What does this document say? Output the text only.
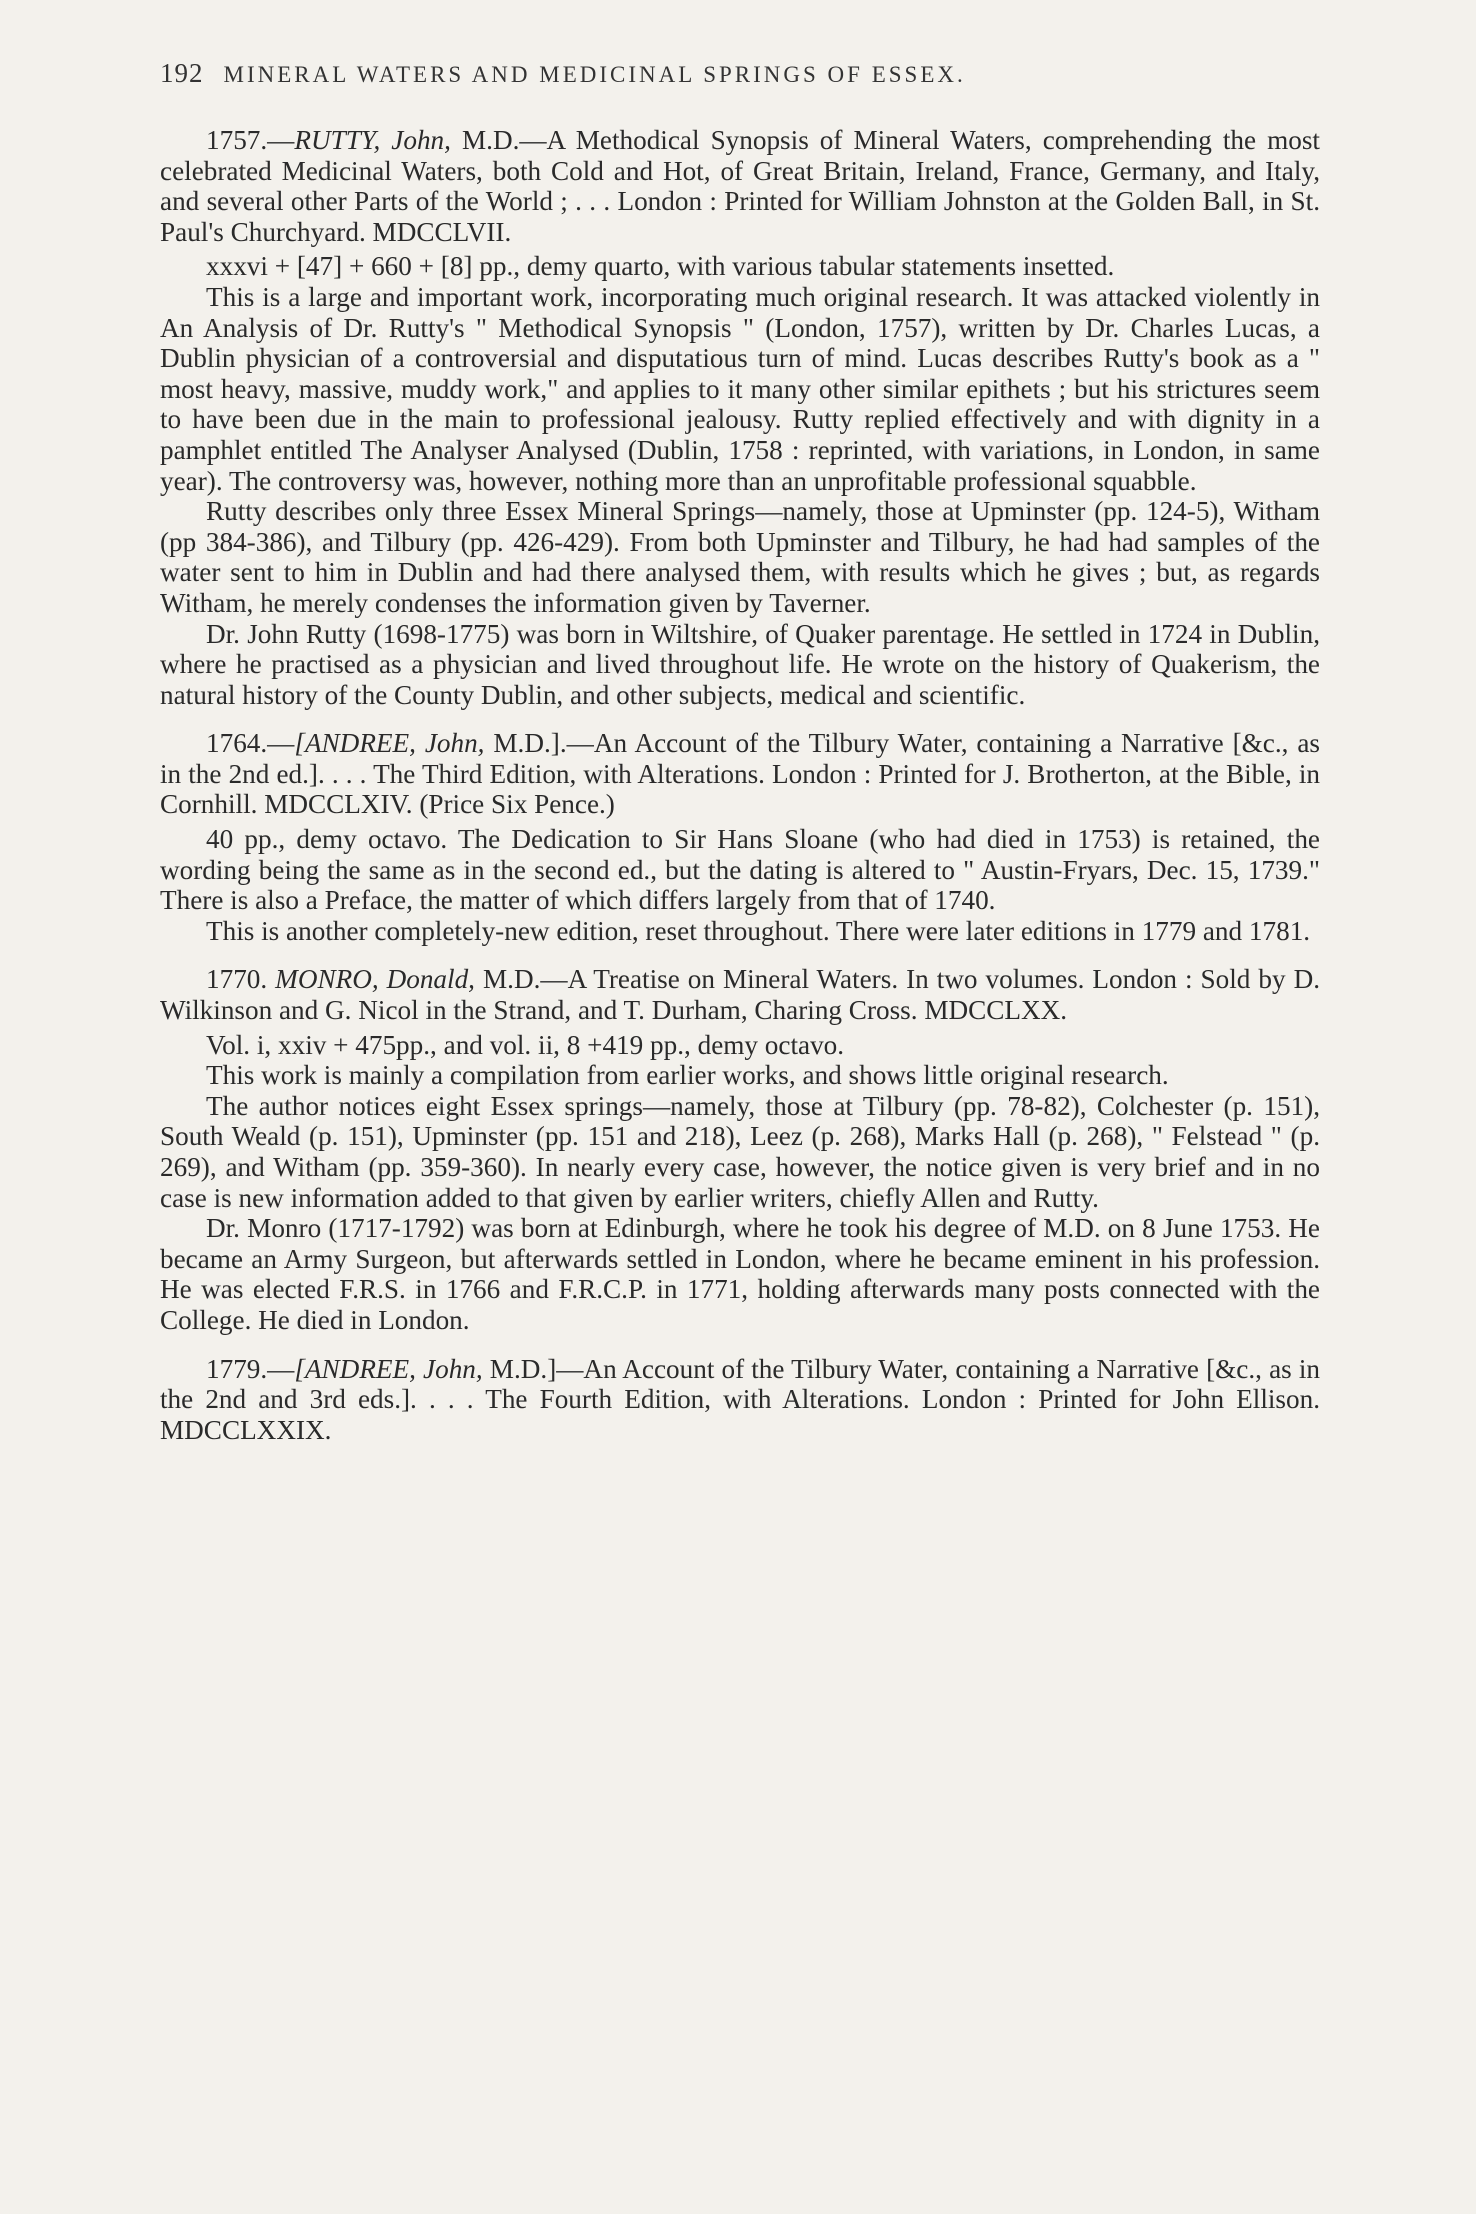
192 MINERAL WATERS AND MEDICINAL SPRINGS OF ESSEX.

1757.—RUTTY, John, M.D.—A Methodical Synopsis of Mineral Waters, comprehending the most celebrated Medicinal Waters, both Cold and Hot, of Great Britain, Ireland, France, Germany, and Italy, and several other Parts of the World ; . . . London : Printed for William Johnston at the Golden Ball, in St. Paul's Churchyard. MDCCLVII.

xxxvi + [47] + 660 + [8] pp., demy quarto, with various tabular statements insetted.

This is a large and important work, incorporating much original research. It was attacked violently in An Analysis of Dr. Rutty's " Methodical Synopsis " (London, 1757), written by Dr. Charles Lucas, a Dublin physician of a controversial and disputatious turn of mind. Lucas describes Rutty's book as a " most heavy, massive, muddy work," and applies to it many other similar epithets ; but his strictures seem to have been due in the main to professional jealousy. Rutty replied effectively and with dignity in a pamphlet entitled The Analyser Analysed (Dublin, 1758 : reprinted, with variations, in London, in same year). The controversy was, however, nothing more than an unprofitable professional squabble.

Rutty describes only three Essex Mineral Springs—namely, those at Upminster (pp. 124-5), Witham (pp 384-386), and Tilbury (pp. 426-429). From both Upminster and Tilbury, he had had samples of the water sent to him in Dublin and had there analysed them, with results which he gives ; but, as regards Witham, he merely condenses the information given by Taverner.

Dr. John Rutty (1698-1775) was born in Wiltshire, of Quaker parentage. He settled in 1724 in Dublin, where he practised as a physician and lived throughout life. He wrote on the history of Quakerism, the natural history of the County Dublin, and other subjects, medical and scientific.

1764.—[ANDREE, John, M.D.].—An Account of the Tilbury Water, containing a Narrative [&c., as in the 2nd ed.]. . . . The Third Edition, with Alterations. London : Printed for J. Brotherton, at the Bible, in Cornhill. MDCCLXIV. (Price Six Pence.)

40 pp., demy octavo. The Dedication to Sir Hans Sloane (who had died in 1753) is retained, the wording being the same as in the second ed., but the dating is altered to " Austin-Fryars, Dec. 15, 1739." There is also a Preface, the matter of which differs largely from that of 1740.

This is another completely-new edition, reset throughout. There were later editions in 1779 and 1781.

1770. MONRO, Donald, M.D.—A Treatise on Mineral Waters. In two volumes. London : Sold by D. Wilkinson and G. Nicol in the Strand, and T. Durham, Charing Cross. MDCCLXX.

Vol. i, xxiv + 475pp., and vol. ii, 8 +419 pp., demy octavo.

This work is mainly a compilation from earlier works, and shows little original research.

The author notices eight Essex springs—namely, those at Tilbury (pp. 78-82), Colchester (p. 151), South Weald (p. 151), Upminster (pp. 151 and 218), Leez (p. 268), Marks Hall (p. 268), " Felstead " (p. 269), and Witham (pp. 359-360). In nearly every case, however, the notice given is very brief and in no case is new information added to that given by earlier writers, chiefly Allen and Rutty.

Dr. Monro (1717-1792) was born at Edinburgh, where he took his degree of M.D. on 8 June 1753. He became an Army Surgeon, but afterwards settled in London, where he became eminent in his profession. He was elected F.R.S. in 1766 and F.R.C.P. in 1771, holding afterwards many posts connected with the College. He died in London.

1779.—[ANDREE, John, M.D.]—An Account of the Tilbury Water, containing a Narrative [&c., as in the 2nd and 3rd eds.]. . . . The Fourth Edition, with Alterations. London : Printed for John Ellison. MDCCLXXIX.
